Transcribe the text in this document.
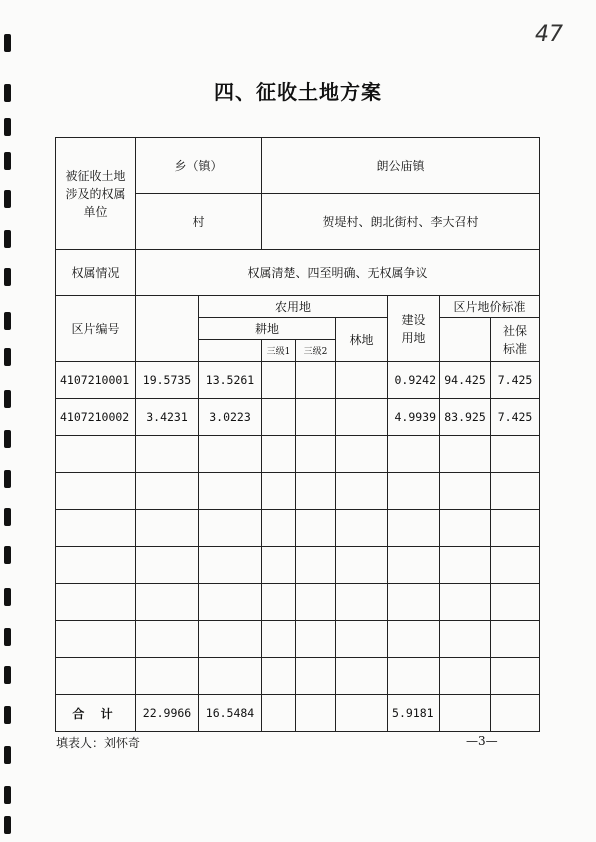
47
四、征收土地方案
被征收土地涉及的权属单位	乡（镇）		朗公庙镇					
	村		贺堤村、朗北街村、李大召村					
权属情况	权属清楚、四至明确、无权属争议							
区片编号		农用地				建设用地	区片地价标准	
		耕地			林地			社保标准
			三级1	三级2				
4107210001	19.5735	13.5261				0.9242	94.425	7.425
4107210002	3.4231	3.0223				4.9939	83.925	7.425

合 计	22.9966	16.5484				5.9181		
填表人：刘怀奇	—3—
